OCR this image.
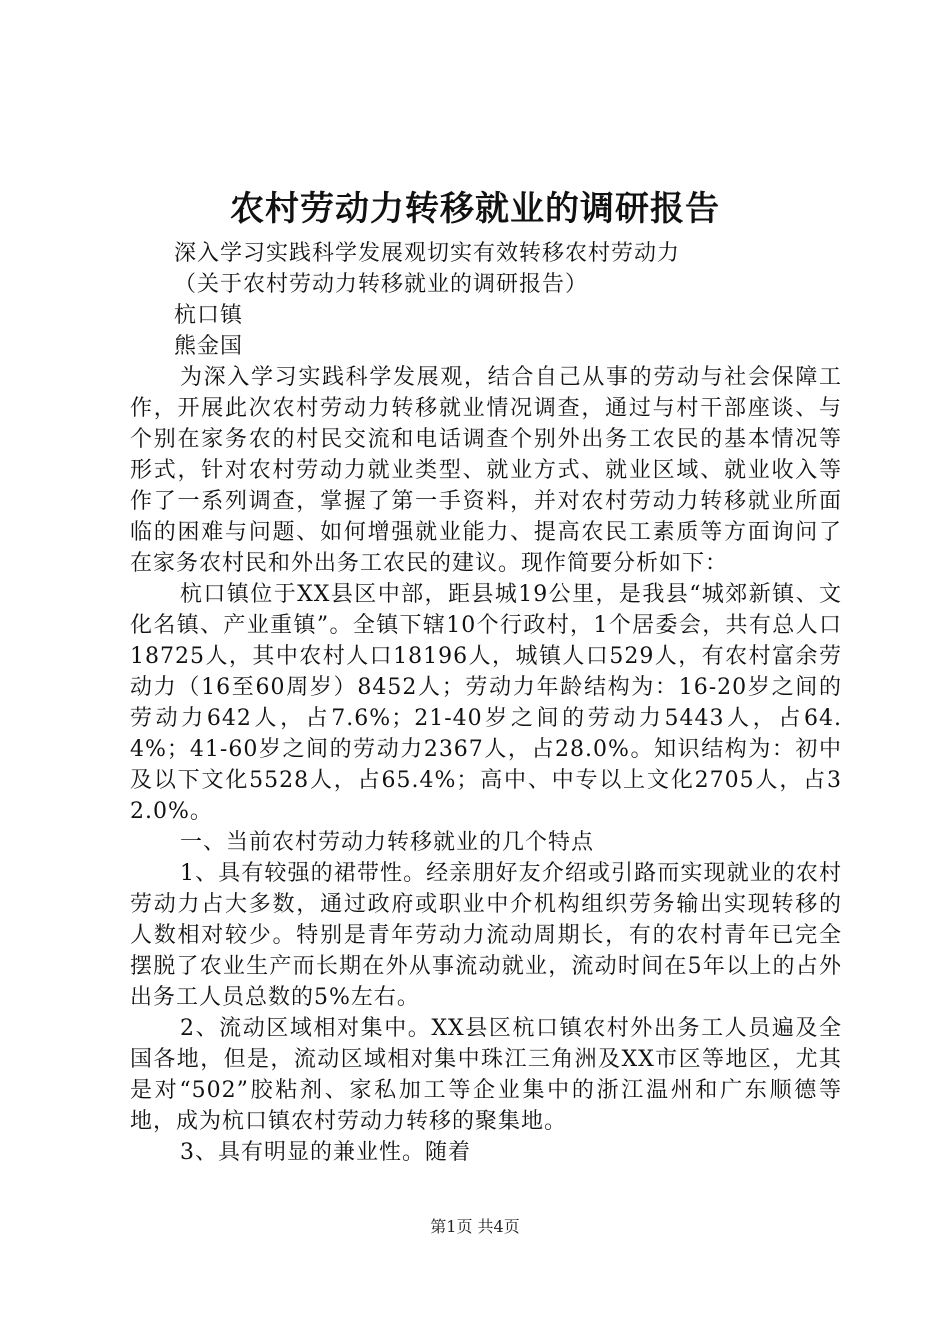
农村劳动力转移就业的调研报告
深入学习实践科学发展观切实有效转移农村劳动力
（关于农村劳动力转移就业的调研报告）
杭口镇
熊金国

为深入学习实践科学发展观，结合自己从事的劳动与社会保障工作，开展此次农村劳动力转移就业情况调查，通过与村干部座谈、与个别在家务农的村民交流和电话调查个别外出务工农民的基本情况等形式，针对农村劳动力就业类型、就业方式、就业区域、就业收入等作了一系列调查，掌握了第一手资料，并对农村劳动力转移就业所面临的困难与问题、如何增强就业能力、提高农民工素质等方面询问了在家务农村民和外出务工农民的建议。现作简要分析如下：

杭口镇位于XX县区中部，距县城19公里，是我县“城郊新镇、文化名镇、产业重镇”。全镇下辖10个行政村，1个居委会，共有总人口18725人，其中农村人口18196人，城镇人口529人，有农村富余劳动力（16至60周岁）8452人；劳动力年龄结构为：16-20岁之间的劳动力642人，占7.6%；21-40岁之间的劳动力5443人，占64.4%；41-60岁之间的劳动力2367人，占28.0%。知识结构为：初中及以下文化5528人，占65.4%；高中、中专以上文化2705人，占32.0%。

一、当前农村劳动力转移就业的几个特点

1、具有较强的裙带性。经亲朋好友介绍或引路而实现就业的农村劳动力占大多数，通过政府或职业中介机构组织劳务输出实现转移的人数相对较少。特别是青年劳动力流动周期长，有的农村青年已完全摆脱了农业生产而长期在外从事流动就业，流动时间在5年以上的占外出务工人员总数的5%左右。

2、流动区域相对集中。XX县区杭口镇农村外出务工人员遍及全国各地，但是，流动区域相对集中珠江三角洲及XX市区等地区，尤其是对“502”胶粘剂、家私加工等企业集中的浙江温州和广东顺德等地，成为杭口镇农村劳动力转移的聚集地。

3、具有明显的兼业性。随着

第1页 共4页
